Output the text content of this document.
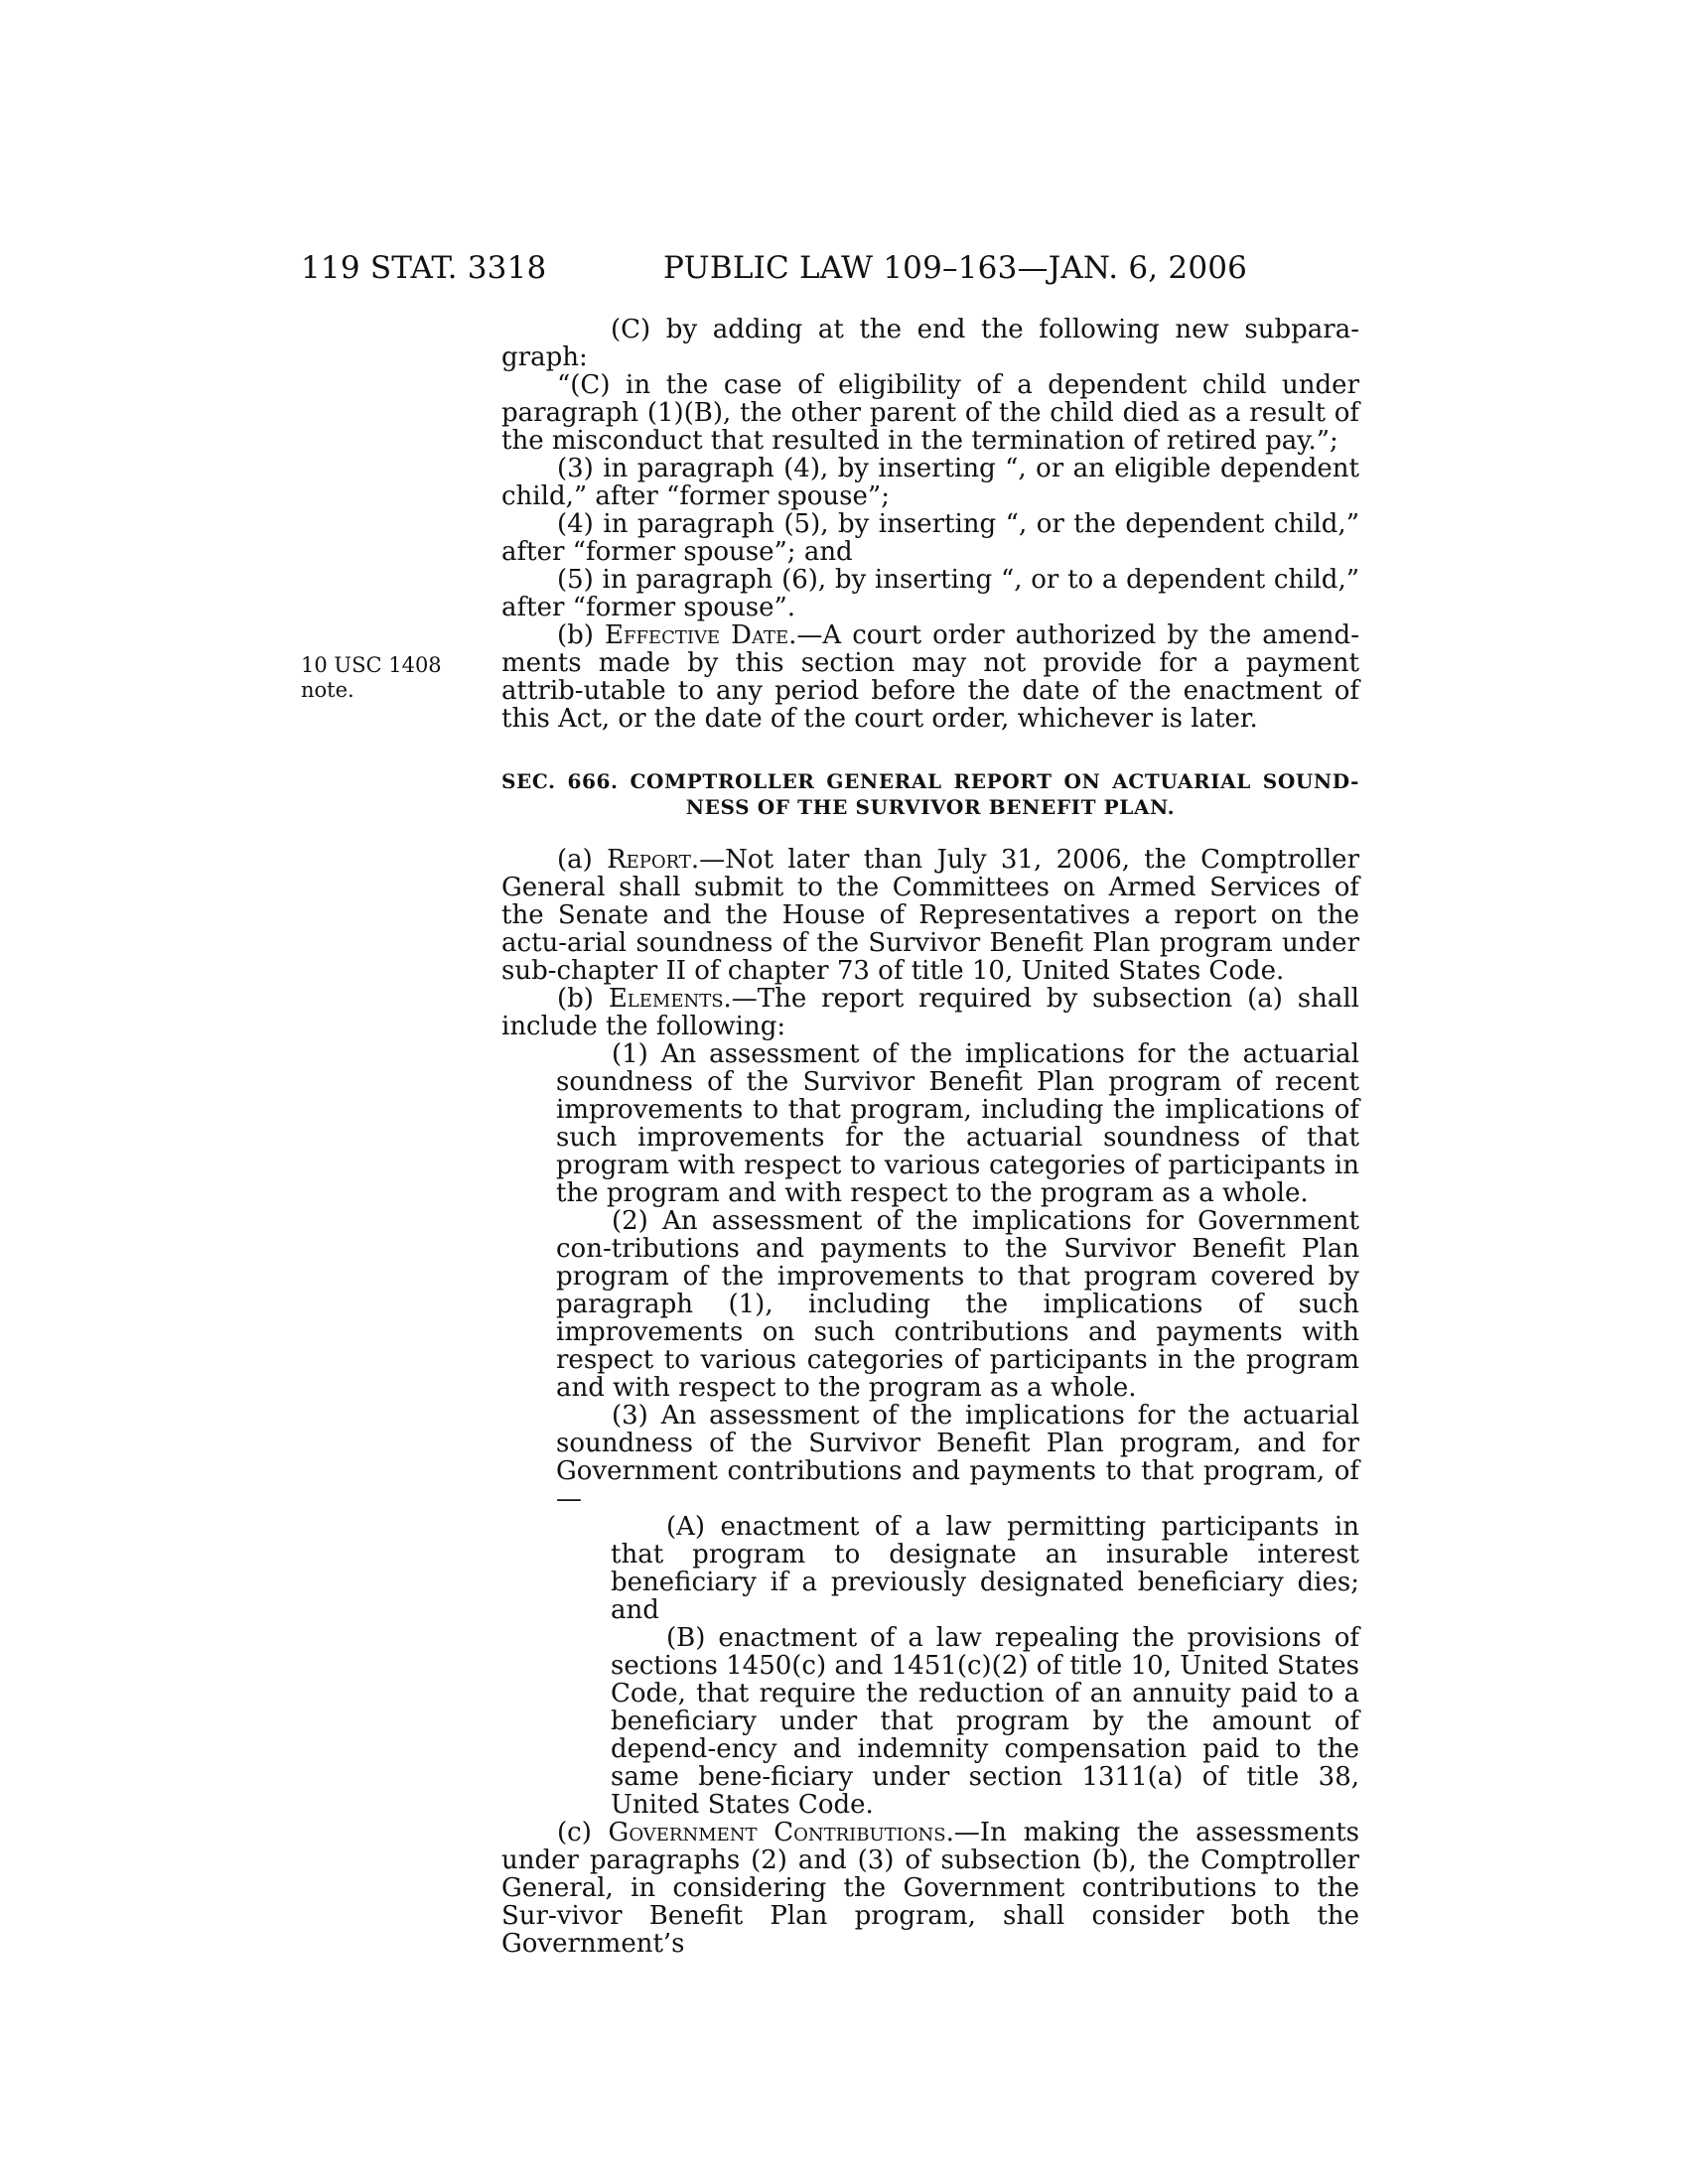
119 STAT. 3318	PUBLIC LAW 109–163—JAN. 6, 2006
10 USC 1408
note.

(C) by adding at the end the following new subpara-graph:

“(C) in the case of eligibility of a dependent child under paragraph (1)(B), the other parent of the child died as a result of the misconduct that resulted in the termination of retired pay.”;

(3) in paragraph (4), by inserting “, or an eligible dependent child,” after “former spouse”;

(4) in paragraph (5), by inserting “, or the dependent child,” after “former spouse”; and

(5) in paragraph (6), by inserting “, or to a dependent child,” after “former spouse”.

(b) Effective Date.—A court order authorized by the amend-ments made by this section may not provide for a payment attrib-utable to any period before the date of the enactment of this Act, or the date of the court order, whichever is later.

SEC. 666. COMPTROLLER GENERAL REPORT ON ACTUARIAL SOUND-
NESS OF THE SURVIVOR BENEFIT PLAN.

(a) Report.—Not later than July 31, 2006, the Comptroller General shall submit to the Committees on Armed Services of the Senate and the House of Representatives a report on the actu-arial soundness of the Survivor Benefit Plan program under sub-chapter II of chapter 73 of title 10, United States Code.

(b) Elements.—The report required by subsection (a) shall include the following:

(1) An assessment of the implications for the actuarial soundness of the Survivor Benefit Plan program of recent improvements to that program, including the implications of such improvements for the actuarial soundness of that program with respect to various categories of participants in the program and with respect to the program as a whole.

(2) An assessment of the implications for Government con-tributions and payments to the Survivor Benefit Plan program of the improvements to that program covered by paragraph (1), including the implications of such improvements on such contributions and payments with respect to various categories of participants in the program and with respect to the program as a whole.

(3) An assessment of the implications for the actuarial soundness of the Survivor Benefit Plan program, and for Government contributions and payments to that program, of—

(A) enactment of a law permitting participants in that program to designate an insurable interest beneficiary if a previously designated beneficiary dies; and

(B) enactment of a law repealing the provisions of sections 1450(c) and 1451(c)(2) of title 10, United States Code, that require the reduction of an annuity paid to a beneficiary under that program by the amount of depend-ency and indemnity compensation paid to the same bene-ficiary under section 1311(a) of title 38, United States Code.

(c) Government Contributions.—In making the assessments under paragraphs (2) and (3) of subsection (b), the Comptroller General, in considering the Government contributions to the Sur-vivor Benefit Plan program, shall consider both the Government’s
